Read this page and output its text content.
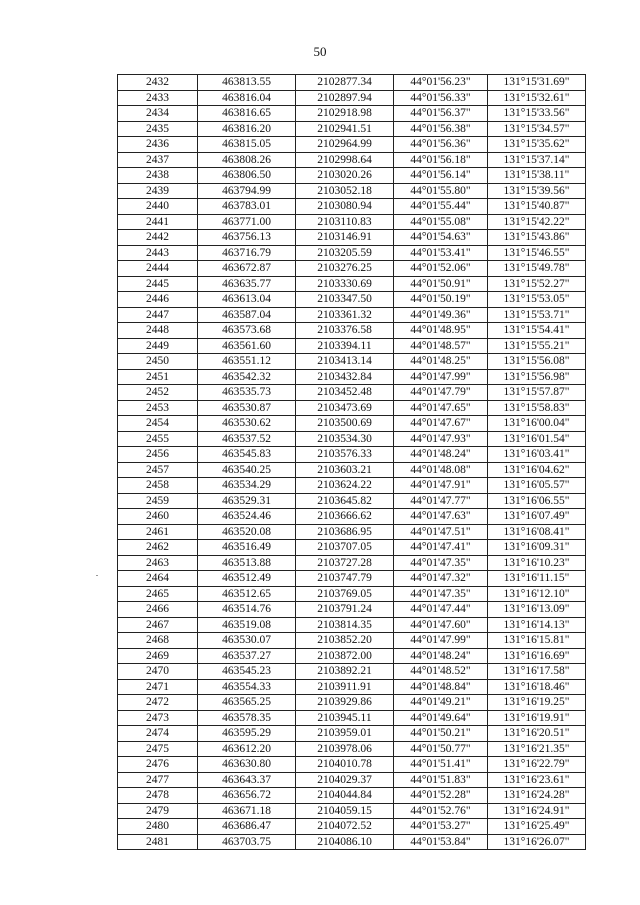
50
2432	463813.55	2102877.34	44°01'56.23"	131°15'31.69"
2433	463816.04	2102897.94	44°01'56.33"	131°15'32.61"
2434	463816.65	2102918.98	44°01'56.37"	131°15'33.56"
2435	463816.20	2102941.51	44°01'56.38"	131°15'34.57"
2436	463815.05	2102964.99	44°01'56.36"	131°15'35.62"
2437	463808.26	2102998.64	44°01'56.18"	131°15'37.14"
2438	463806.50	2103020.26	44°01'56.14"	131°15'38.11"
2439	463794.99	2103052.18	44°01'55.80"	131°15'39.56"
2440	463783.01	2103080.94	44°01'55.44"	131°15'40.87"
2441	463771.00	2103110.83	44°01'55.08"	131°15'42.22"
2442	463756.13	2103146.91	44°01'54.63"	131°15'43.86"
2443	463716.79	2103205.59	44°01'53.41"	131°15'46.55"
2444	463672.87	2103276.25	44°01'52.06"	131°15'49.78"
2445	463635.77	2103330.69	44°01'50.91"	131°15'52.27"
2446	463613.04	2103347.50	44°01'50.19"	131°15'53.05"
2447	463587.04	2103361.32	44°01'49.36"	131°15'53.71"
2448	463573.68	2103376.58	44°01'48.95"	131°15'54.41"
2449	463561.60	2103394.11	44°01'48.57"	131°15'55.21"
2450	463551.12	2103413.14	44°01'48.25"	131°15'56.08"
2451	463542.32	2103432.84	44°01'47.99"	131°15'56.98"
2452	463535.73	2103452.48	44°01'47.79"	131°15'57.87"
2453	463530.87	2103473.69	44°01'47.65"	131°15'58.83"
2454	463530.62	2103500.69	44°01'47.67"	131°16'00.04"
2455	463537.52	2103534.30	44°01'47.93"	131°16'01.54"
2456	463545.83	2103576.33	44°01'48.24"	131°16'03.41"
2457	463540.25	2103603.21	44°01'48.08"	131°16'04.62"
2458	463534.29	2103624.22	44°01'47.91"	131°16'05.57"
2459	463529.31	2103645.82	44°01'47.77"	131°16'06.55"
2460	463524.46	2103666.62	44°01'47.63"	131°16'07.49"
2461	463520.08	2103686.95	44°01'47.51"	131°16'08.41"
2462	463516.49	2103707.05	44°01'47.41"	131°16'09.31"
2463	463513.88	2103727.28	44°01'47.35"	131°16'10.23"
2464	463512.49	2103747.79	44°01'47.32"	131°16'11.15"
2465	463512.65	2103769.05	44°01'47.35"	131°16'12.10"
2466	463514.76	2103791.24	44°01'47.44"	131°16'13.09"
2467	463519.08	2103814.35	44°01'47.60"	131°16'14.13"
2468	463530.07	2103852.20	44°01'47.99"	131°16'15.81"
2469	463537.27	2103872.00	44°01'48.24"	131°16'16.69"
2470	463545.23	2103892.21	44°01'48.52"	131°16'17.58"
2471	463554.33	2103911.91	44°01'48.84"	131°16'18.46"
2472	463565.25	2103929.86	44°01'49.21"	131°16'19.25"
2473	463578.35	2103945.11	44°01'49.64"	131°16'19.91"
2474	463595.29	2103959.01	44°01'50.21"	131°16'20.51"
2475	463612.20	2103978.06	44°01'50.77"	131°16'21.35"
2476	463630.80	2104010.78	44°01'51.41"	131°16'22.79"
2477	463643.37	2104029.37	44°01'51.83"	131°16'23.61"
2478	463656.72	2104044.84	44°01'52.28"	131°16'24.28"
2479	463671.18	2104059.15	44°01'52.76"	131°16'24.91"
2480	463686.47	2104072.52	44°01'53.27"	131°16'25.49"
2481	463703.75	2104086.10	44°01'53.84"	131°16'26.07"
